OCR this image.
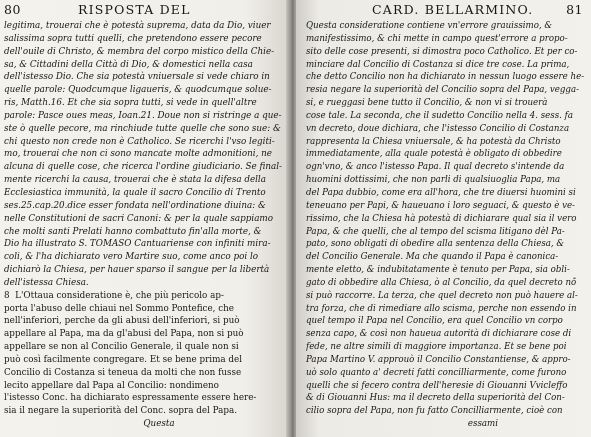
80	RISPOSTA DEL
legitima, trouerai che è potestà suprema, data da Dio, viuer
salissima sopra tutti quelli, che pretendono essere pecore
dell'ouile di Christo, & membra del corpo mistico della Chie-
sa, & Cittadini della Città di Dio, & domestici nella casa
dell'istesso Dio. Che sia potestà vniuersale si vede chiaro in
quelle parole: Quodcumque ligaueris, & quodcumque solue-
ris, Matth.16. Et che sia sopra tutti, si vede in quell'altre
parole: Pasce oues meas, Ioan.21. Doue non si ristringe a que-
ste ò quelle pecore, ma rinchiude tutte quelle che sono sue: &
chi questo non crede non è Catholico. Se ricerchi l'vso legiti-
mo, trouerai che non ci sono mancate molte admonitioni, ne
alcuna di quelle cose, che ricerca l'ordine giudiciario. Se final-
mente ricerchi la causa, trouerai che è stata la difesa della
Ecclesiastica immunità, la quale il sacro Concilio di Trento
ses.25.cap.20.dice esser fondata nell'ordinatione diuina: &
nelle Constitutioni de sacri Canoni: & per la quale sappiamo
che molti santi Prelati hanno combattuto fin'alla morte, &
Dio ha illustrato S. TOMASO Cantuariense con infiniti mira-
coli, & l'ha dichiarato vero Martire suo, come anco poi lo
dichiarò la Chiesa, per hauer sparso il sangue per la libertà
dell'istessa Chiesa.
8  L'Ottaua consideratione è, che più pericolo ap-
porta l'abuso delle chiaui nel Sommo Pontefice, che
nell'inferiori, perche da gli abusi dell'inferiori, si può
appellare al Papa, ma da gl'abusi del Papa, non si può
appellare se non al Concilio Generale, il quale non si
può così facilmente congregare. Et se bene prima del
Concilio di Costanza si teneua da molti che non fusse
lecito appellare dal Papa al Concilio: nondimeno
l'istesso Conc. ha dichiarato espressamente essere here-
sia il negare la superiorità del Conc. sopra del Papa.
Questa
CARD. BELLARMINO.	81
Questa consideratione contiene vn'errore grauissimo, &
manifestissimo, & chi mette in campo quest'errore a propo-
sito delle cose presenti, si dimostra poco Catholico. Et per co-
minciare dal Concilio di Costanza si dice tre cose. La prima,
che detto Concilio non ha dichiarato in nessun luogo essere he-
resia negare la superiorità del Concilio sopra del Papa, vegga-
si, e rueggasi bene tutto il Concilio, & non vi si trouerà
cose tale. La seconda, che il sudetto Concilio nella 4. sess. fa
vn decreto, doue dichiara, che l'istesso Concilio di Costanza
rappresenta la Chiesa vniuersale, & ha potestà da Christo
immediatamente, alla quale potestà è obligato di obbedire
ogn'vno, & anco l'istesso Papa. Il qual decreto s'intende da
huomini dottissimi, che non parli di qualsiuoglia Papa, ma
del Papa dubbio, come era all'hora, che tre diuersi huomini si
teneuano per Papi, & haueuano i loro seguaci, & questo è ve-
rissimo, che la Chiesa hà potestà di dichiarare qual sia il vero
Papa, & che quelli, che al tempo del scisma litigano dèl Pa-
pato, sono obligati di obedire alla sentenza della Chiesa, &
del Concilio Generale. Ma che quando il Papa è canonica-
mente eletto, & indubitatamente è tenuto per Papa, sia obli-
gato di obbedire alla Chiesa, ò al Concilio, da quel decreto nõ
si può raccorre. La terza, che quel decreto non può hauere al-
tra forza, che di rimediare allo scisma, perche non essendo in
quel tempo il Papa nel Concilio, era quel Concilio vn corpo
senza capo, & così non haueua autorità di dichiarare cose di
fede, ne altre simili di maggiore importanza. Et se bene poi
Papa Martino V. approuò il Concilio Constantiense, & appro-
uò solo quanto a' decreti fatti concilliarmente, come furono
quelli che si fecero contra dell'heresie di Giouanni Vvicleffo
& di Giouanni Hus: ma il decreto della superiorità del Con-
cilio sopra del Papa, non fu fatto Concilliarmente, cioè con
essami
